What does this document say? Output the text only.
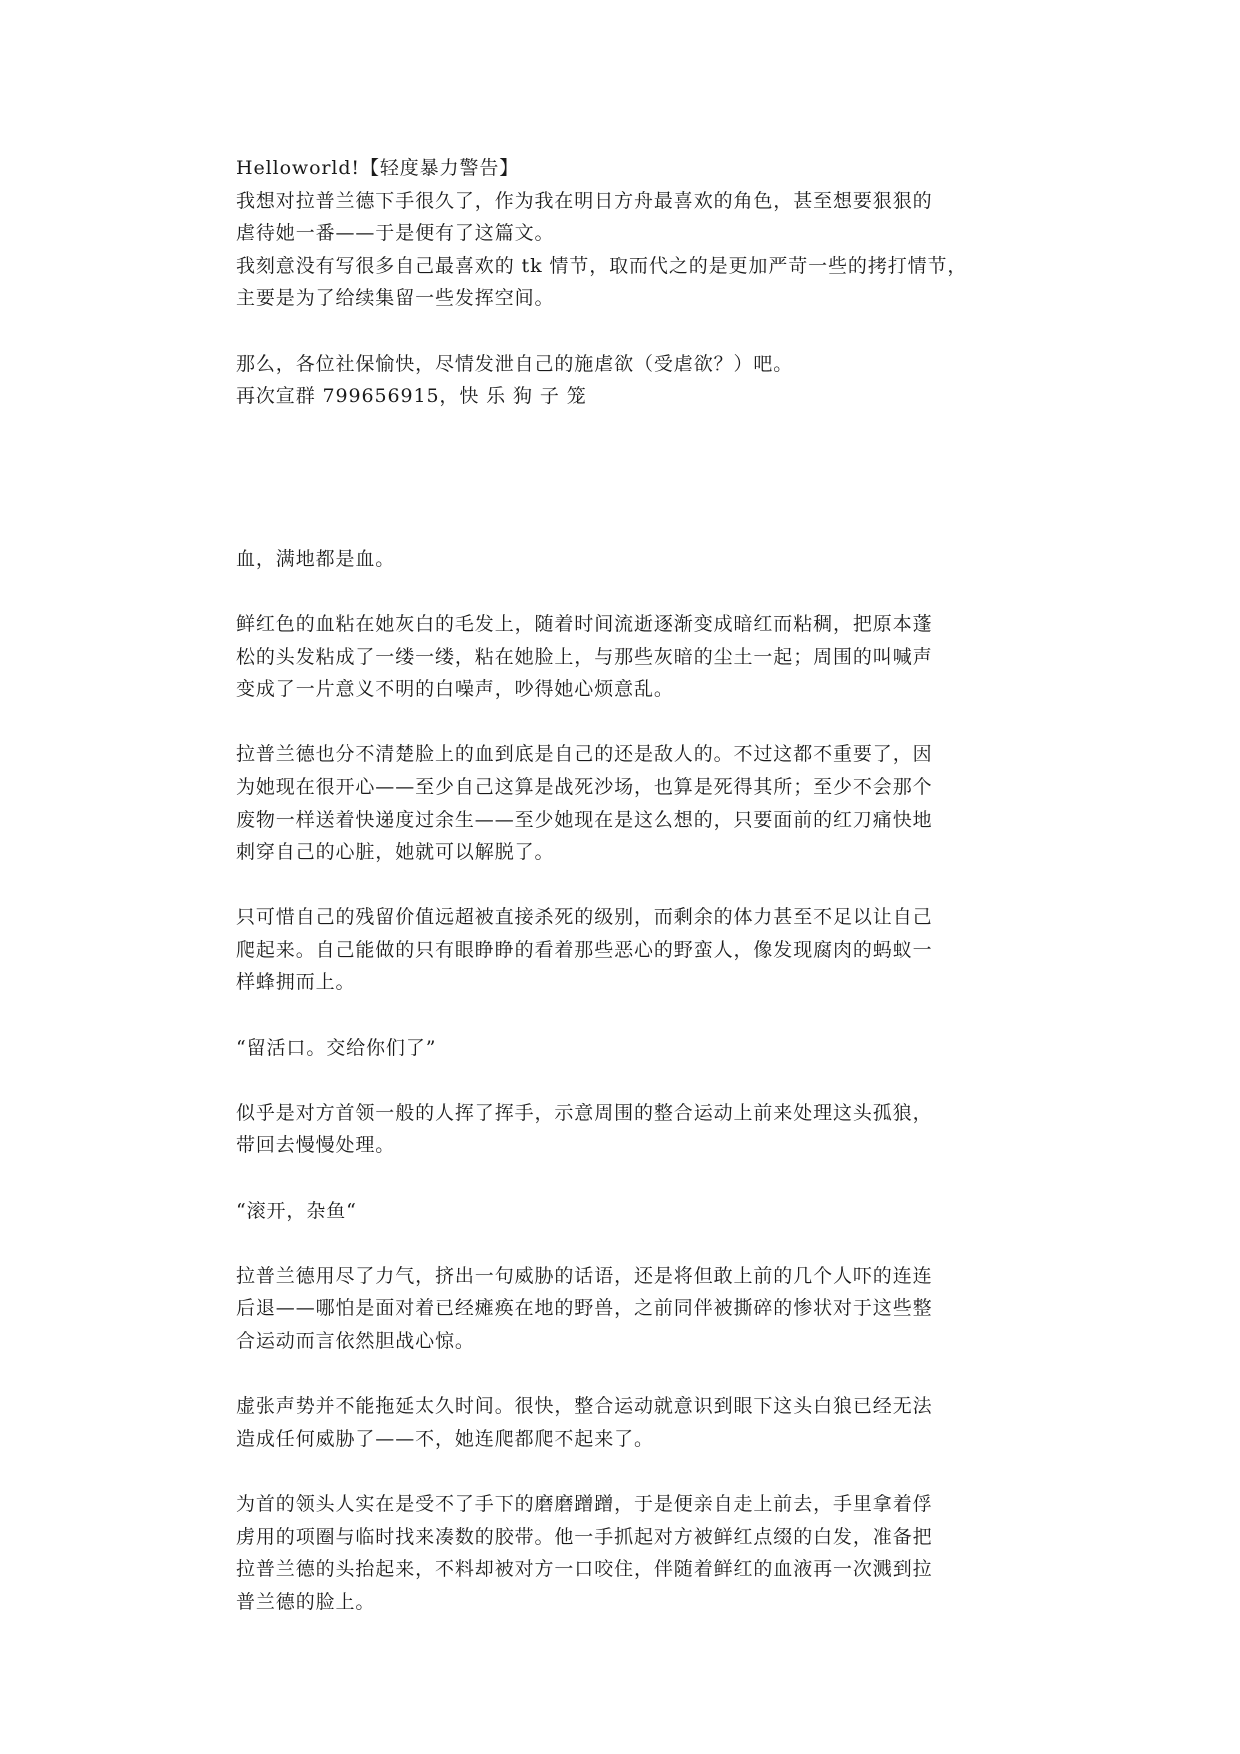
Helloworld!【轻度暴力警告】
我想对拉普兰德下手很久了，作为我在明日方舟最喜欢的角色，甚至想要狠狠的
虐待她一番——于是便有了这篇文。
我刻意没有写很多自己最喜欢的 tk 情节，取而代之的是更加严苛一些的拷打情节，
主要是为了给续集留一些发挥空间。
那么，各位社保愉快，尽情发泄自己的施虐欲（受虐欲？）吧。
再次宣群 799656915，快 乐 狗 子 笼
血，满地都是血。
鲜红色的血粘在她灰白的毛发上，随着时间流逝逐渐变成暗红而粘稠，把原本蓬
松的头发粘成了一缕一缕，粘在她脸上，与那些灰暗的尘土一起；周围的叫喊声
变成了一片意义不明的白噪声，吵得她心烦意乱。
拉普兰德也分不清楚脸上的血到底是自己的还是敌人的。不过这都不重要了，因
为她现在很开心——至少自己这算是战死沙场，也算是死得其所；至少不会那个
废物一样送着快递度过余生——至少她现在是这么想的，只要面前的红刀痛快地
刺穿自己的心脏，她就可以解脱了。
只可惜自己的残留价值远超被直接杀死的级别，而剩余的体力甚至不足以让自己
爬起来。自己能做的只有眼睁睁的看着那些恶心的野蛮人，像发现腐肉的蚂蚁一
样蜂拥而上。
“留活口。交给你们了”
似乎是对方首领一般的人挥了挥手，示意周围的整合运动上前来处理这头孤狼，
带回去慢慢处理。
“滚开，杂鱼“
拉普兰德用尽了力气，挤出一句威胁的话语，还是将但敢上前的几个人吓的连连
后退——哪怕是面对着已经瘫痪在地的野兽，之前同伴被撕碎的惨状对于这些整
合运动而言依然胆战心惊。
虚张声势并不能拖延太久时间。很快，整合运动就意识到眼下这头白狼已经无法
造成任何威胁了——不，她连爬都爬不起来了。
为首的领头人实在是受不了手下的磨磨蹭蹭，于是便亲自走上前去，手里拿着俘
虏用的项圈与临时找来凑数的胶带。他一手抓起对方被鲜红点缀的白发，准备把
拉普兰德的头抬起来，不料却被对方一口咬住，伴随着鲜红的血液再一次溅到拉
普兰德的脸上。
